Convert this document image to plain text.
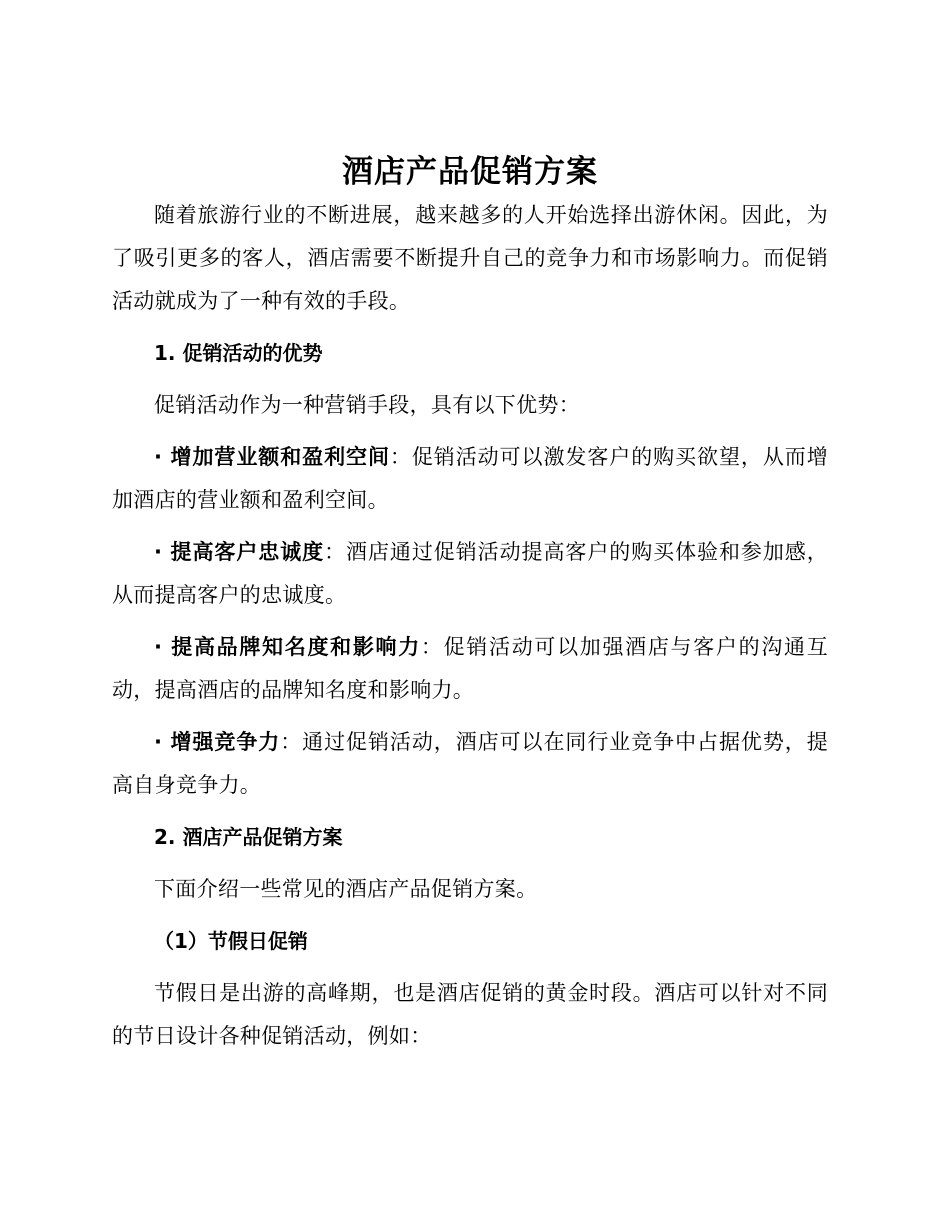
酒店产品促销方案

随着旅游行业的不断进展，越来越多的人开始选择出游休闲。因此，为了吸引更多的客人，酒店需要不断提升自己的竞争力和市场影响力。而促销活动就成为了一种有效的手段。

1. 促销活动的优势

促销活动作为一种营销手段，具有以下优势：

· 增加营业额和盈利空间：促销活动可以激发客户的购买欲望，从而增加酒店的营业额和盈利空间。

· 提高客户忠诚度：酒店通过促销活动提高客户的购买体验和参加感，从而提高客户的忠诚度。

· 提高品牌知名度和影响力：促销活动可以加强酒店与客户的沟通互动，提高酒店的品牌知名度和影响力。

· 增强竞争力：通过促销活动，酒店可以在同行业竞争中占据优势，提高自身竞争力。

2. 酒店产品促销方案

下面介绍一些常见的酒店产品促销方案。

（1）节假日促销

节假日是出游的高峰期，也是酒店促销的黄金时段。酒店可以针对不同的节日设计各种促销活动，例如：
